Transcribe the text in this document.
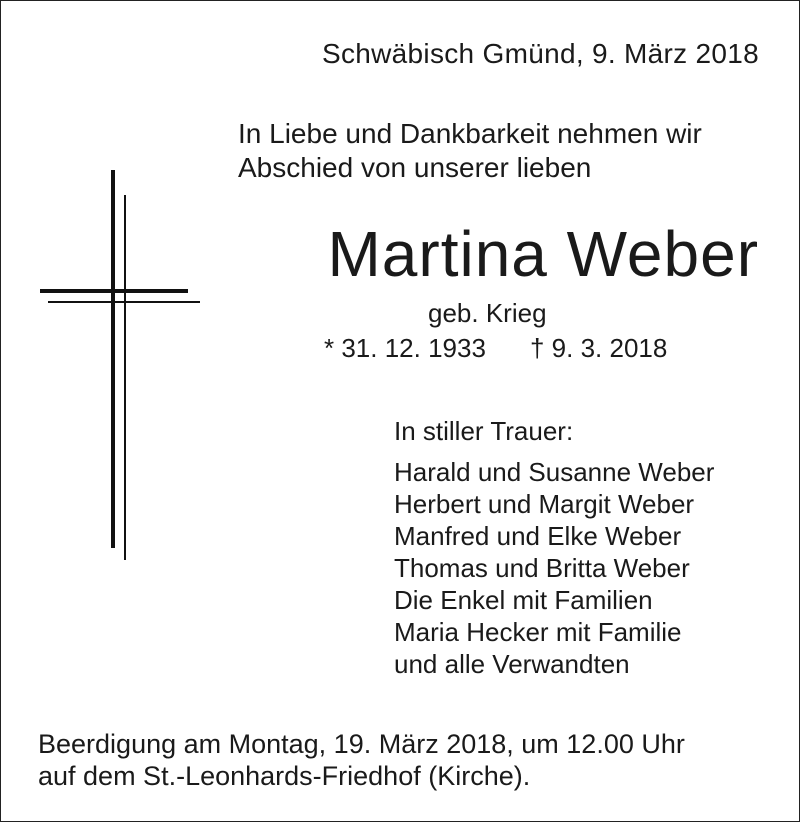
Schwäbisch Gmünd, 9. März 2018
In Liebe und Dankbarkeit nehmen wir
Abschied von unserer lieben
Martina Weber
geb. Krieg
* 31. 12. 1933 † 9. 3. 2018
In stiller Trauer:
Harald und Susanne Weber
Herbert und Margit Weber
Manfred und Elke Weber
Thomas und Britta Weber
Die Enkel mit Familien
Maria Hecker mit Familie
und alle Verwandten
Beerdigung am Montag, 19. März 2018, um 12.00 Uhr
auf dem St.-Leonhards-Friedhof (Kirche).
